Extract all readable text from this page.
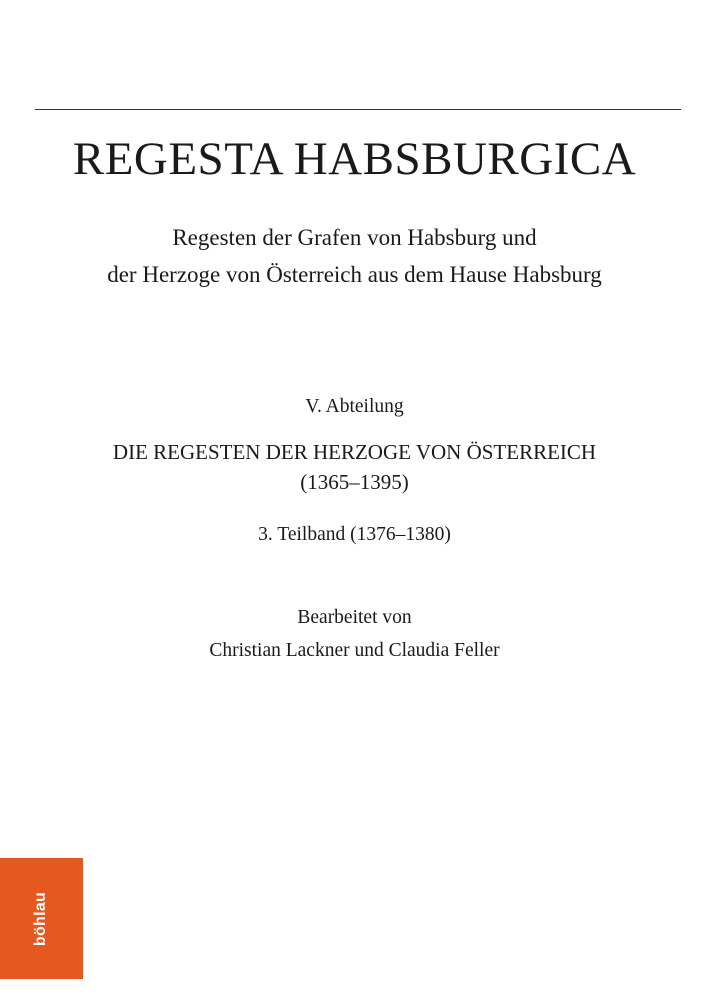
REGESTA HABSBURGICA
Regesten der Grafen von Habsburg und
der Herzoge von Österreich aus dem Hause Habsburg
V. Abteilung
DIE REGESTEN DER HERZOGE VON ÖSTERREICH
(1365–1395)
3. Teilband (1376–1380)
Bearbeitet von
Christian Lackner und Claudia Feller
böhlau
